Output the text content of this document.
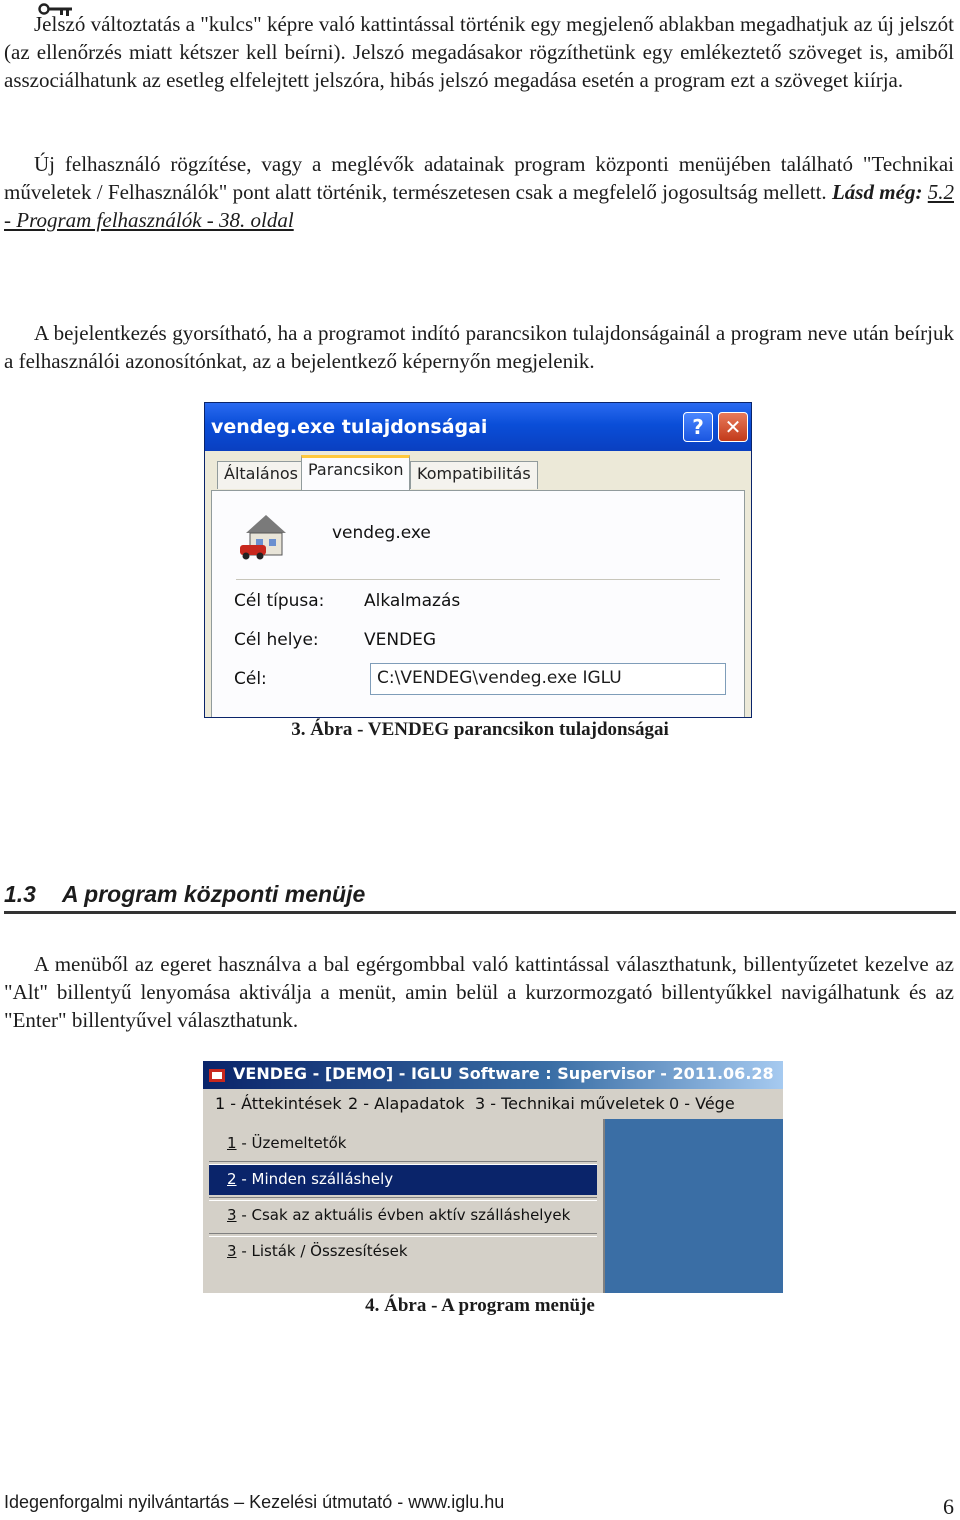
Jelszó változtatás a "kulcs" képre való kattintással történik egy megjelenő ablakban megadhatjuk az új jelszót (az ellenőrzés miatt kétszer kell beírni). Jelszó megadásakor rögzíthetünk egy emlékeztető szöveget is, amiből asszociálhatunk az esetleg elfelejtett jelszóra, hibás jelszó megadása esetén a program ezt a szöveget kiírja.
Új felhasználó rögzítése, vagy a meglévők adatainak program központi menüjében található "Technikai műveletek / Felhasználók" pont alatt történik, természetesen csak a megfelelő jogosultság mellett. Lásd még: 5.2 - Program felhasználók - 38. oldal
A bejelentkezés gyorsítható, ha a programot indító parancsikon tulajdonságainál a program neve után beírjuk a felhasználói azonosítónkat, az a bejelentkező képernyőn megjelenik.
vendeg.exe tulajdonságai	?	✕
Általános Parancsikon Kompatibilitás
vendeg.exe
Cél típusa: Alkalmazás
Cél helye:	VENDEG
Cél:	C:\VENDEG\vendeg.exe IGLU
3. Ábra - VENDEG parancsikon tulajdonságai
1.3 A program központi menüje
A menüből az egeret használva a bal egérgombbal való kattintással választhatunk, billentyűzetet kezelve az "Alt" billentyű lenyomása aktiválja a menüt, amin belül a kurzormozgató billentyűkkel navigálhatunk és az "Enter" billentyűvel választhatunk.
VENDEG - [DEMO] - IGLU Software : Supervisor - 2011.06.28
1 - Áttekintések 2 - Alapadatok 3 - Technikai műveletek 0 - Vége
1 - Üzemeltetők
2 - Minden szálláshely
3 - Csak az aktuális évben aktív szálláshelyek
3 - Listák / Összesítések
4. Ábra - A program menüje
Idegenforgalmi nyilvántartás – Kezelési útmutató - www.iglu.hu	6
